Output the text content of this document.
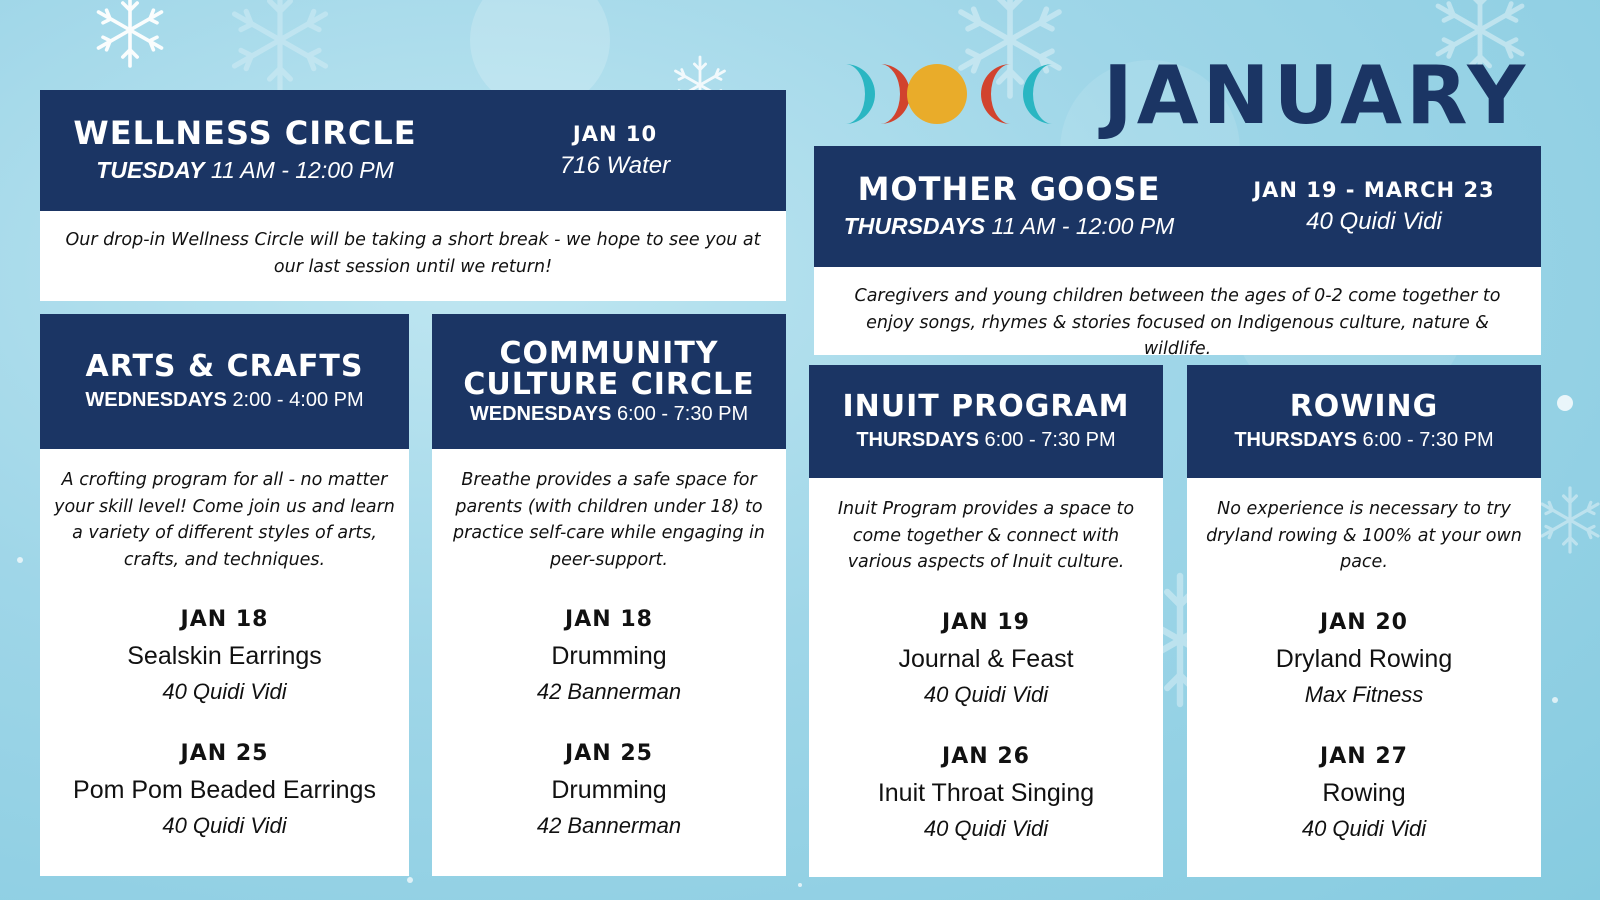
JANUARY
WELLNESS CIRCLE
TUESDAY 11 AM - 12:00 PM
JAN 10
716 Water
Our drop-in Wellness Circle will be taking a short break - we hope to see you at our last session until we return!
MOTHER GOOSE
THURSDAYS 11 AM - 12:00 PM
JAN 19 - MARCH 23
40 Quidi Vidi
Caregivers and young children between the ages of 0-2 come together to enjoy songs, rhymes & stories focused on Indigenous culture, nature & wildlife.
ARTS & CRAFTS
WEDNESDAYS 2:00 - 4:00 PM
A crofting program for all - no matter your skill level! Come join us and learn a variety of different styles of arts, crafts, and techniques.
JAN 18
Sealskin Earrings
40 Quidi Vidi
JAN 25
Pom Pom Beaded Earrings
40 Quidi Vidi
COMMUNITY
CULTURE CIRCLE
WEDNESDAYS 6:00 - 7:30 PM
Breathe provides a safe space for parents (with children under 18) to practice self-care while engaging in peer-support.
JAN 18
Drumming
42 Bannerman
JAN 25
Drumming
42 Bannerman
INUIT PROGRAM
THURSDAYS 6:00 - 7:30 PM
Inuit Program provides a space to come together & connect with various aspects of Inuit culture.
JAN 19
Journal & Feast
40 Quidi Vidi
JAN 26
Inuit Throat Singing
40 Quidi Vidi
ROWING
THURSDAYS 6:00 - 7:30 PM
No experience is necessary to try dryland rowing & 100% at your own pace.
JAN 20
Dryland Rowing
Max Fitness
JAN 27
Rowing
40 Quidi Vidi
